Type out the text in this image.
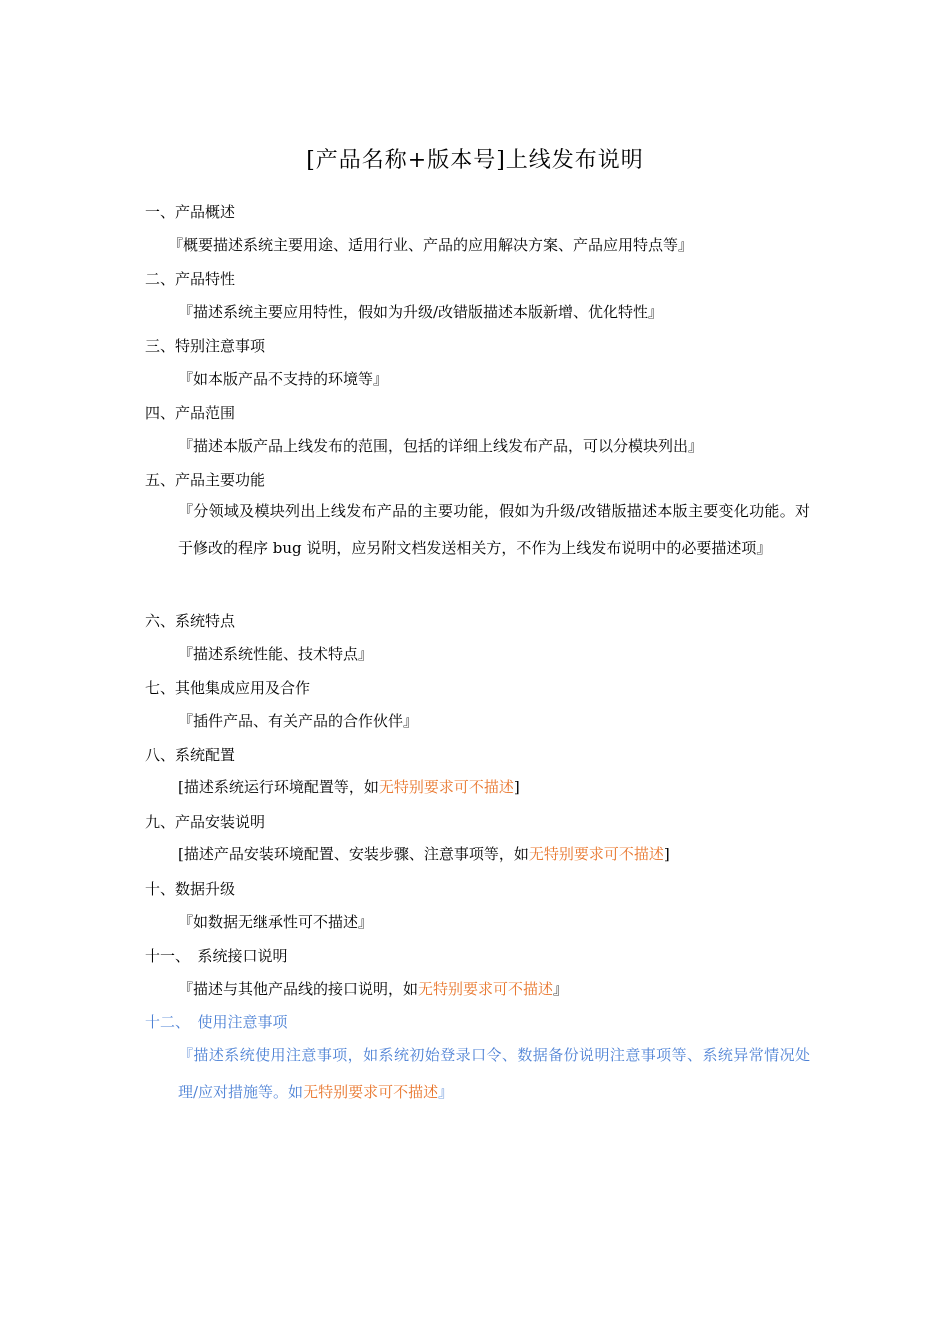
[产品名称+版本号]上线发布说明
一、产品概述
『概要描述系统主要用途、适用行业、产品的应用解决方案、产品应用特点等』
二、产品特性
『描述系统主要应用特性，假如为升级/改错版描述本版新增、优化特性』
三、特别注意事项
『如本版产品不支持的环境等』
四、产品范围
『描述本版产品上线发布的范围，包括的详细上线发布产品，可以分模块列出』
五、产品主要功能
『分领域及模块列出上线发布产品的主要功能，假如为升级/改错版描述本版主要变化功能。对于修改的程序 bug 说明，应另附文档发送相关方，不作为上线发布说明中的必要描述项』
六、系统特点
『描述系统性能、技术特点』
七、其他集成应用及合作
『插件产品、有关产品的合作伙伴』
八、系统配置
[描述系统运行环境配置等，如无特别要求可不描述]
九、产品安装说明
[描述产品安装环境配置、安装步骤、注意事项等，如无特别要求可不描述]
十、数据升级
『如数据无继承性可不描述』
十一、　系统接口说明
『描述与其他产品线的接口说明，如无特别要求可不描述』
十二、　使用注意事项
『描述系统使用注意事项，如系统初始登录口令、数据备份说明注意事项等、系统异常情况处理/应对措施等。如无特别要求可不描述』
